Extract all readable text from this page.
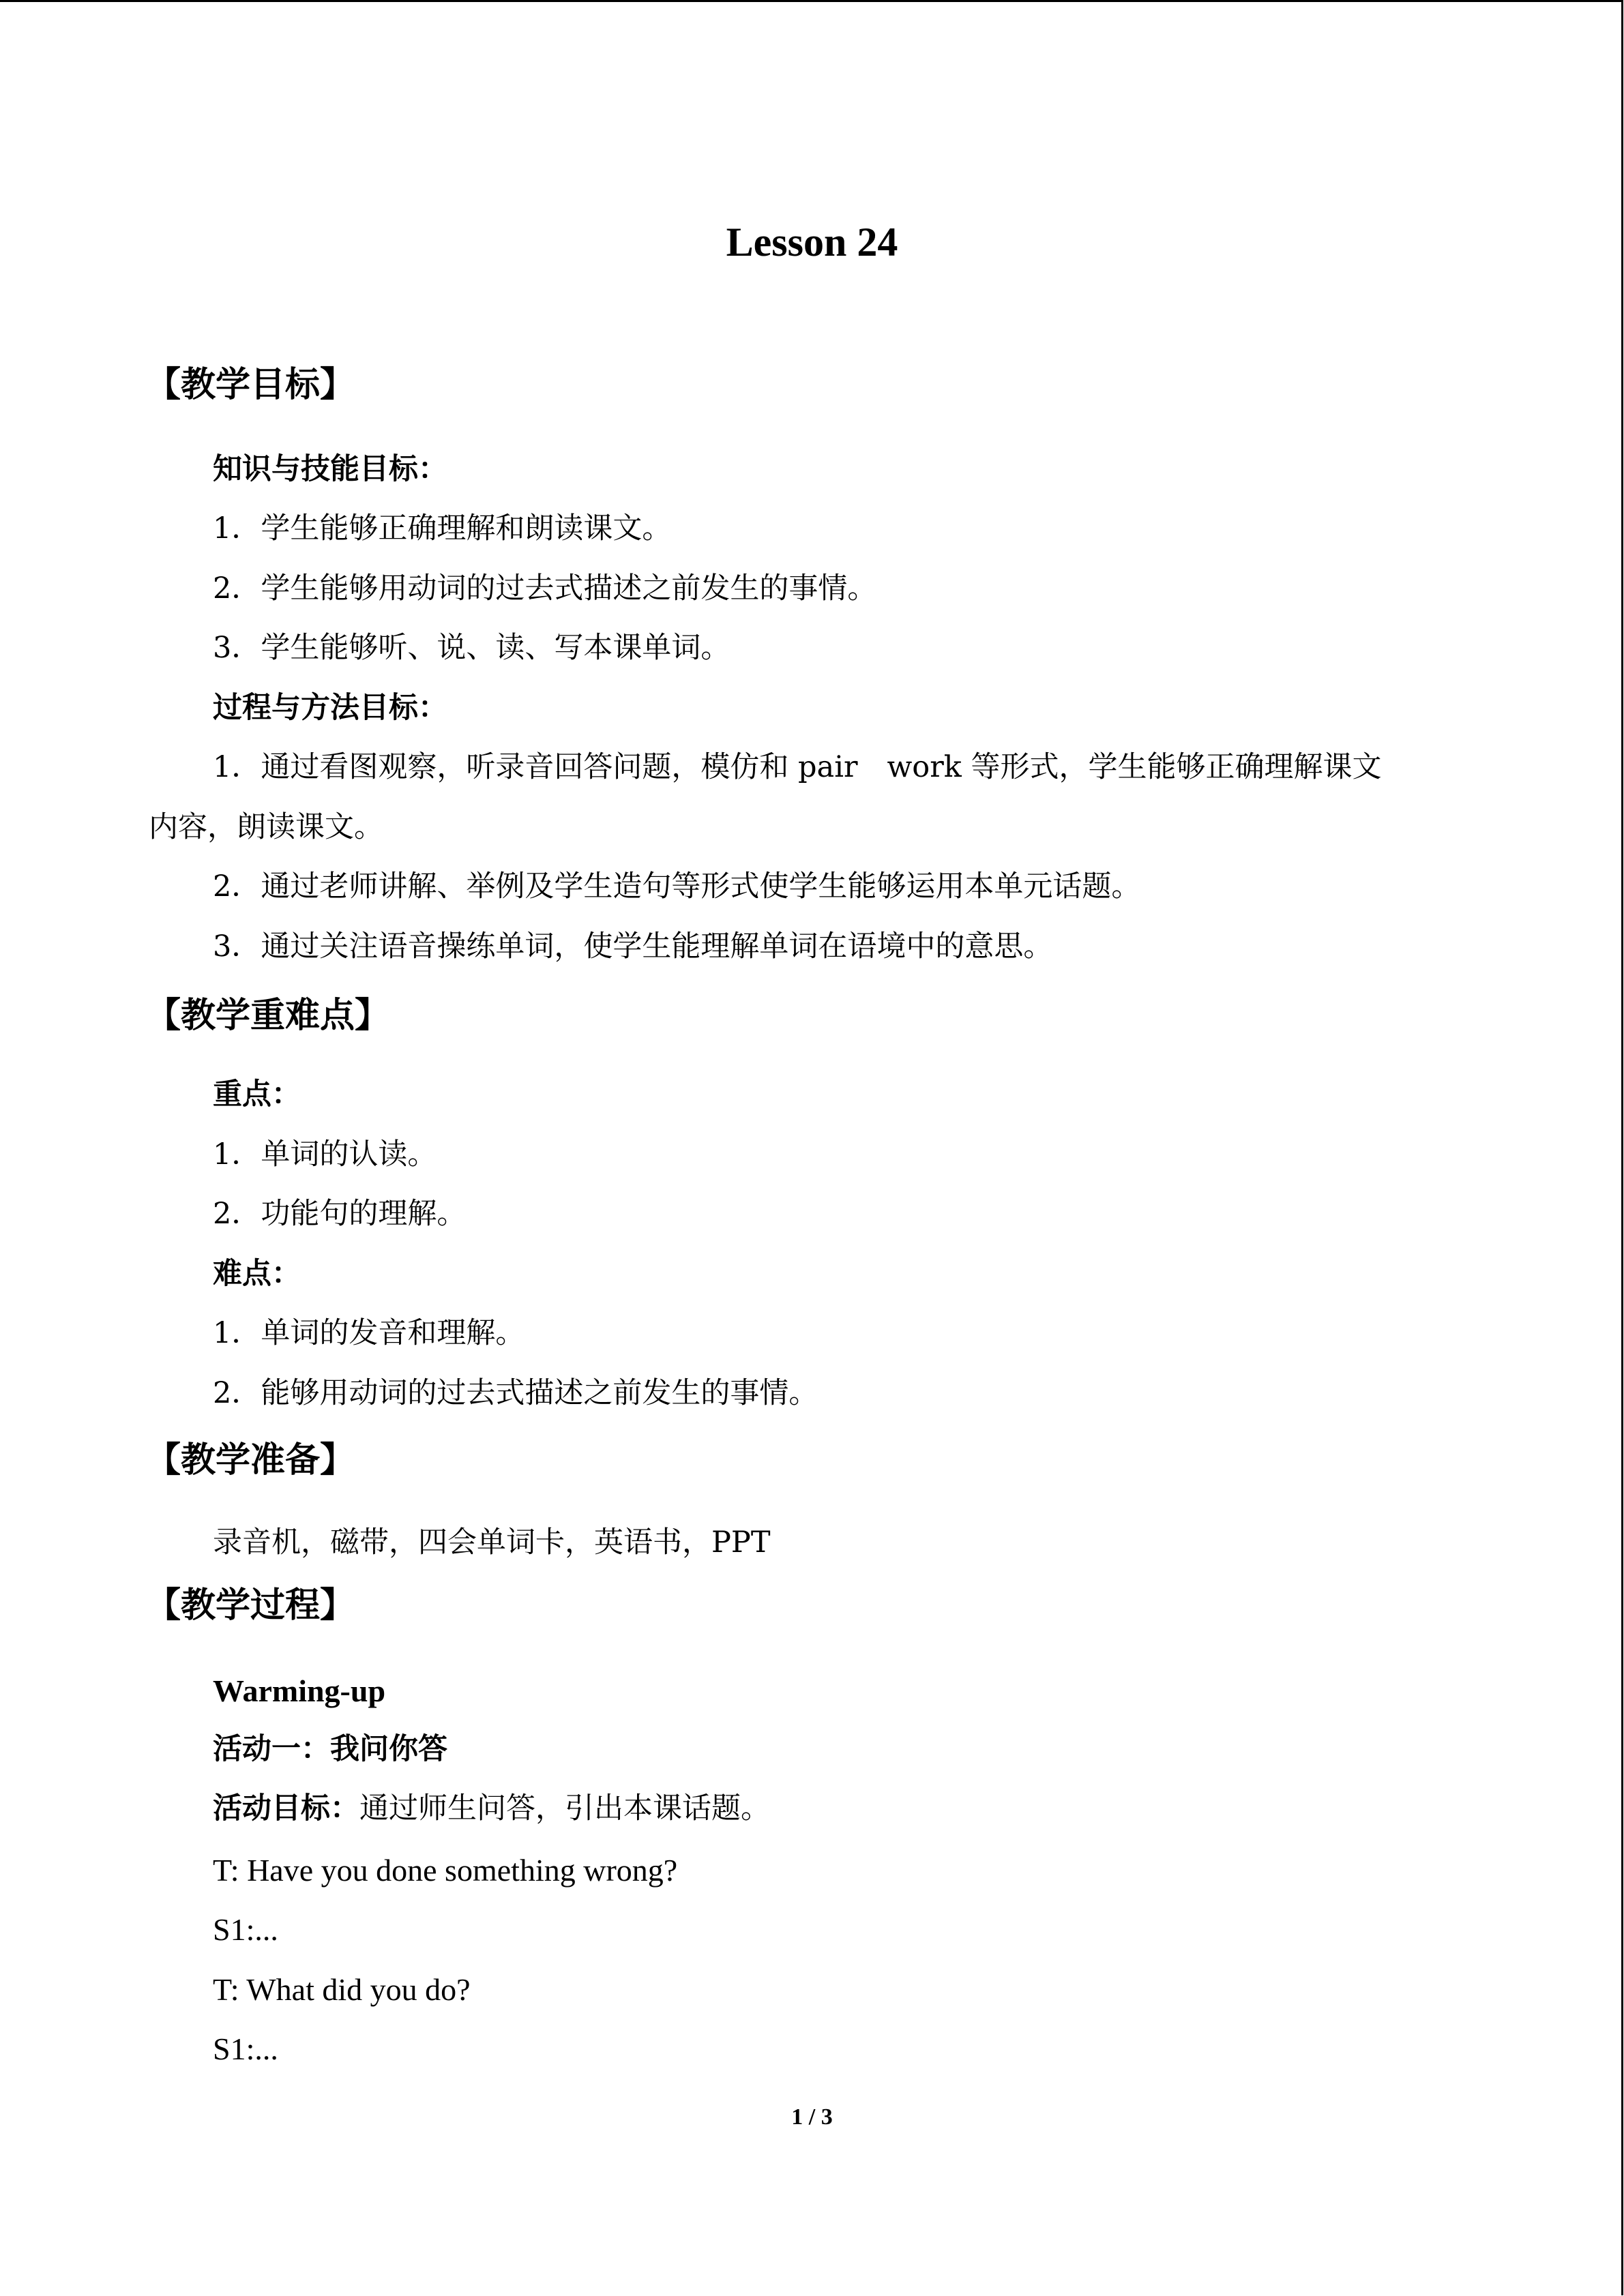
Lesson 24
【教学目标】
知识与技能目标：
1．学生能够正确理解和朗读课文。
2．学生能够用动词的过去式描述之前发生的事情。
3．学生能够听、说、读、写本课单词。
过程与方法目标：
1．通过看图观察，听录音回答问题，模仿和 pair　work 等形式，学生能够正确理解课文
内容，朗读课文。
2．通过老师讲解、举例及学生造句等形式使学生能够运用本单元话题。
3．通过关注语音操练单词，使学生能理解单词在语境中的意思。
【教学重难点】
重点：
1．单词的认读。
2．功能句的理解。
难点：
1．单词的发音和理解。
2．能够用动词的过去式描述之前发生的事情。
【教学准备】
录音机，磁带，四会单词卡，英语书，PPT
【教学过程】
Warming-up
活动一：我问你答
活动目标：通过师生问答，引出本课话题。
T: Have you done something wrong?
S1:...
T: What did you do?
S1:...
1 / 3
